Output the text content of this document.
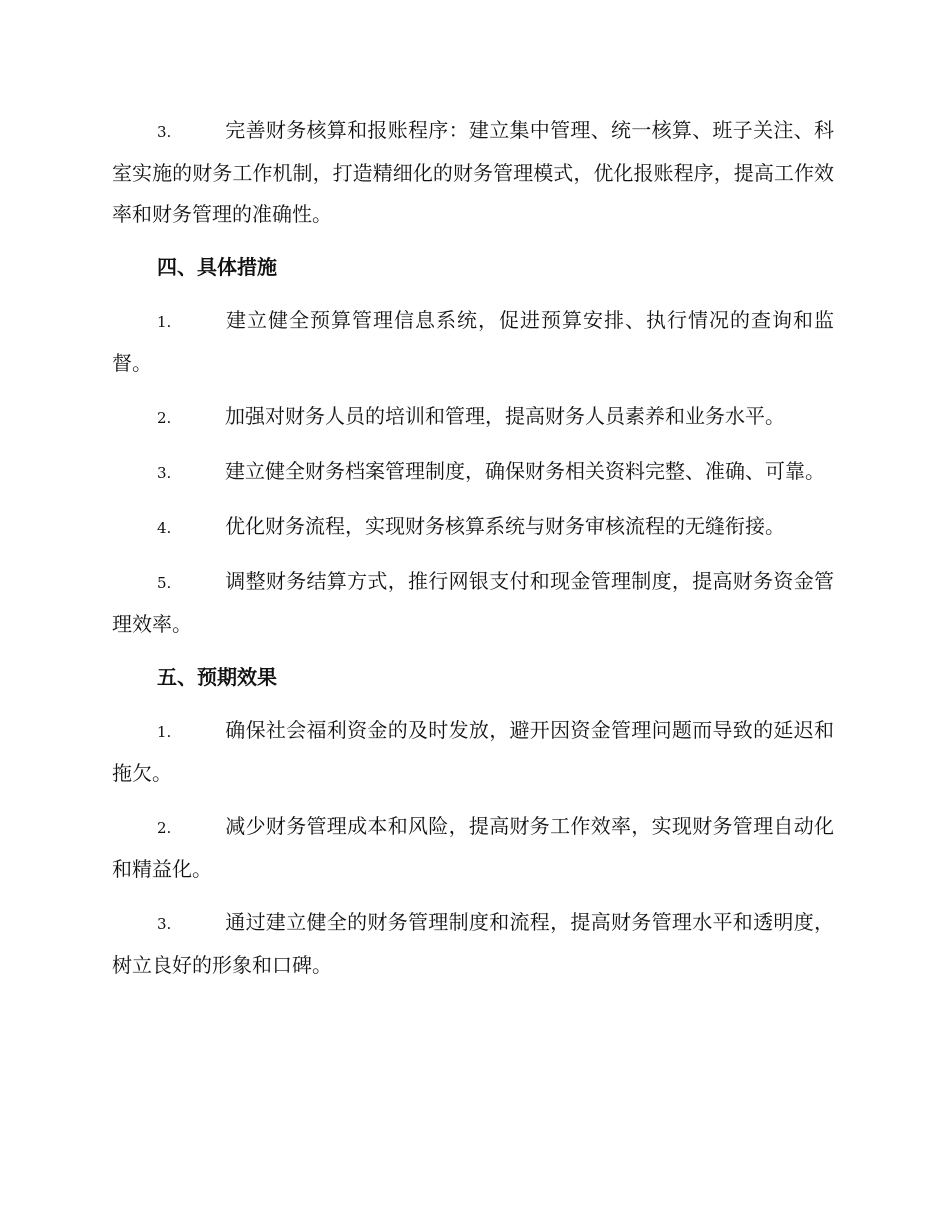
3.	完善财务核算和报账程序：建立集中管理、统一核算、班子关注、科室实施的财务工作机制，打造精细化的财务管理模式，优化报账程序，提高工作效率和财务管理的准确性。

四、具体措施

1.	建立健全预算管理信息系统，促进预算安排、执行情况的查询和监督。

2.	加强对财务人员的培训和管理，提高财务人员素养和业务水平。

3.	建立健全财务档案管理制度，确保财务相关资料完整、准确、可靠。

4.	优化财务流程，实现财务核算系统与财务审核流程的无缝衔接。

5.	调整财务结算方式，推行网银支付和现金管理制度，提高财务资金管理效率。

五、预期效果

1.	确保社会福利资金的及时发放，避开因资金管理问题而导致的延迟和拖欠。

2.	减少财务管理成本和风险，提高财务工作效率，实现财务管理自动化和精益化。

3.	通过建立健全的财务管理制度和流程，提高财务管理水平和透明度，树立良好的形象和口碑。
